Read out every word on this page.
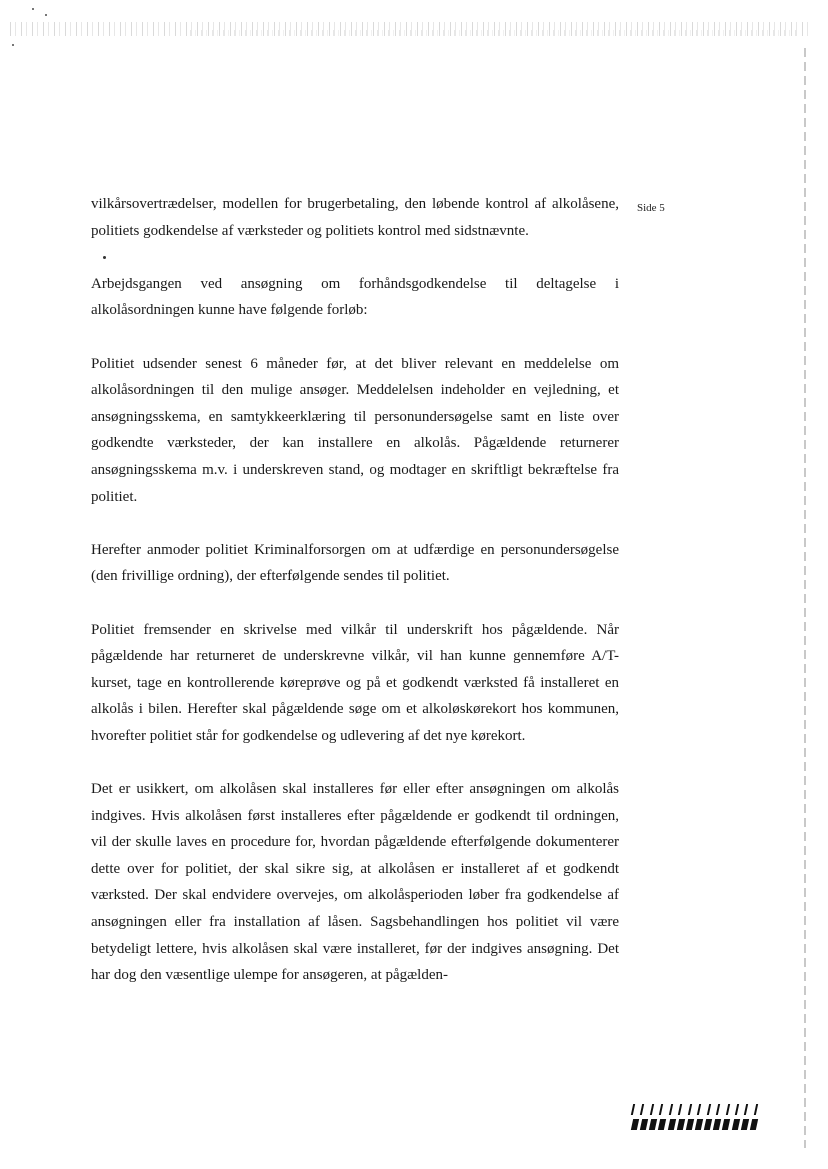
Side 5

vilkårsovertrædelser, modellen for brugerbetaling, den løbende kontrol af alkolåsene, politiets godkendelse af værksteder og politiets kontrol med sidstnævnte.

Arbejdsgangen ved ansøgning om forhåndsgodkendelse til deltagelse i alkolåsordningen kunne have følgende forløb:

Politiet udsender senest 6 måneder før, at det bliver relevant en meddelelse om alkolåsordningen til den mulige ansøger. Meddelelsen indeholder en vejledning, et ansøgningsskema, en samtykkeerklæring til personundersøgelse samt en liste over godkendte værksteder, der kan installere en alkolås. Pågældende returnerer ansøgningsskema m.v. i underskreven stand, og modtager en skriftligt bekræftelse fra politiet.

Herefter anmoder politiet Kriminalforsorgen om at udfærdige en personundersøgelse (den frivillige ordning), der efterfølgende sendes til politiet.

Politiet fremsender en skrivelse med vilkår til underskrift hos pågældende. Når pågældende har returneret de underskrevne vilkår, vil han kunne gennemføre A/T-kurset, tage en kontrollerende køreprøve og på et godkendt værksted få installeret en alkolås i bilen. Herefter skal pågældende søge om et alkoløskørekort hos kommunen, hvorefter politiet står for godkendelse og udlevering af det nye kørekort.

Det er usikkert, om alkolåsen skal installeres før eller efter ansøgningen om alkolås indgives. Hvis alkolåsen først installeres efter pågældende er godkendt til ordningen, vil der skulle laves en procedure for, hvordan pågældende efterfølgende dokumenterer dette over for politiet, der skal sikre sig, at alkolåsen er installeret af et godkendt værksted. Der skal endvidere overvejes, om alkolåsperioden løber fra godkendelse af ansøgningen eller fra installation af låsen. Sagsbehandlingen hos politiet vil være betydeligt lettere, hvis alkolåsen skal være installeret, før der indgives ansøgning. Det har dog den væsentlige ulempe for ansøgeren, at pågælden-
